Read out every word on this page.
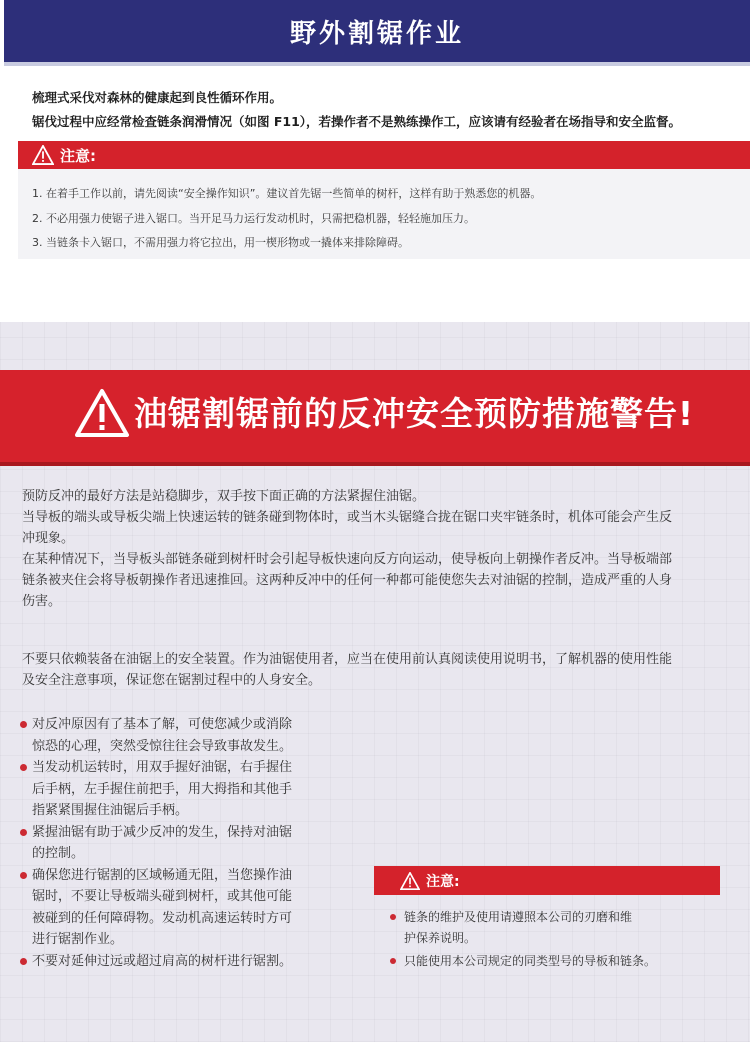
野外割锯作业
梳理式采伐对森林的健康起到良性循环作用。
锯伐过程中应经常检查链条润滑情况（如图 F11），若操作者不是熟练操作工，应该请有经验者在场指导和安全监督。
注意:
1. 在着手工作以前，请先阅读“安全操作知识”。建议首先锯一些简单的树杆，这样有助于熟悉您的机器。
2. 不必用强力使锯子进入锯口。当开足马力运行发动机时，只需把稳机器，轻轻施加压力。
3. 当链条卡入锯口，不需用强力将它拉出，用一楔形物或一撬体来排除障碍。
油锯割锯前的反冲安全预防措施警告!
预防反冲的最好方法是站稳脚步，双手按下面正确的方法紧握住油锯。
当导板的端头或导板尖端上快速运转的链条碰到物体时，或当木头锯缝合拢在锯口夹牢链条时，机体可能会产生反
冲现象。
在某种情况下，当导板头部链条碰到树杆时会引起导板快速向反方向运动，使导板向上朝操作者反冲。当导板端部
链条被夹住会将导板朝操作者迅速推回。这两种反冲中的任何一种都可能使您失去对油锯的控制，造成严重的人身
伤害。
不要只依赖装备在油锯上的安全装置。作为油锯使用者，应当在使用前认真阅读使用说明书，了解机器的使用性能
及安全注意事项，保证您在锯割过程中的人身安全。
对反冲原因有了基本了解，可使您减少或消除
惊恐的心理，突然受惊往往会导致事故发生。
当发动机运转时，用双手握好油锯，右手握住
后手柄，左手握住前把手，用大拇指和其他手
指紧紧围握住油锯后手柄。
紧握油锯有助于减少反冲的发生，保持对油锯
的控制。
确保您进行锯割的区域畅通无阻，当您操作油
锯时，不要让导板端头碰到树杆，或其他可能
被碰到的任何障碍物。发动机高速运转时方可
进行锯割作业。
不要对延伸过远或超过肩高的树杆进行锯割。
注意:
链条的维护及使用请遵照本公司的刃磨和维
护保养说明。
只能使用本公司规定的同类型号的导板和链条。
